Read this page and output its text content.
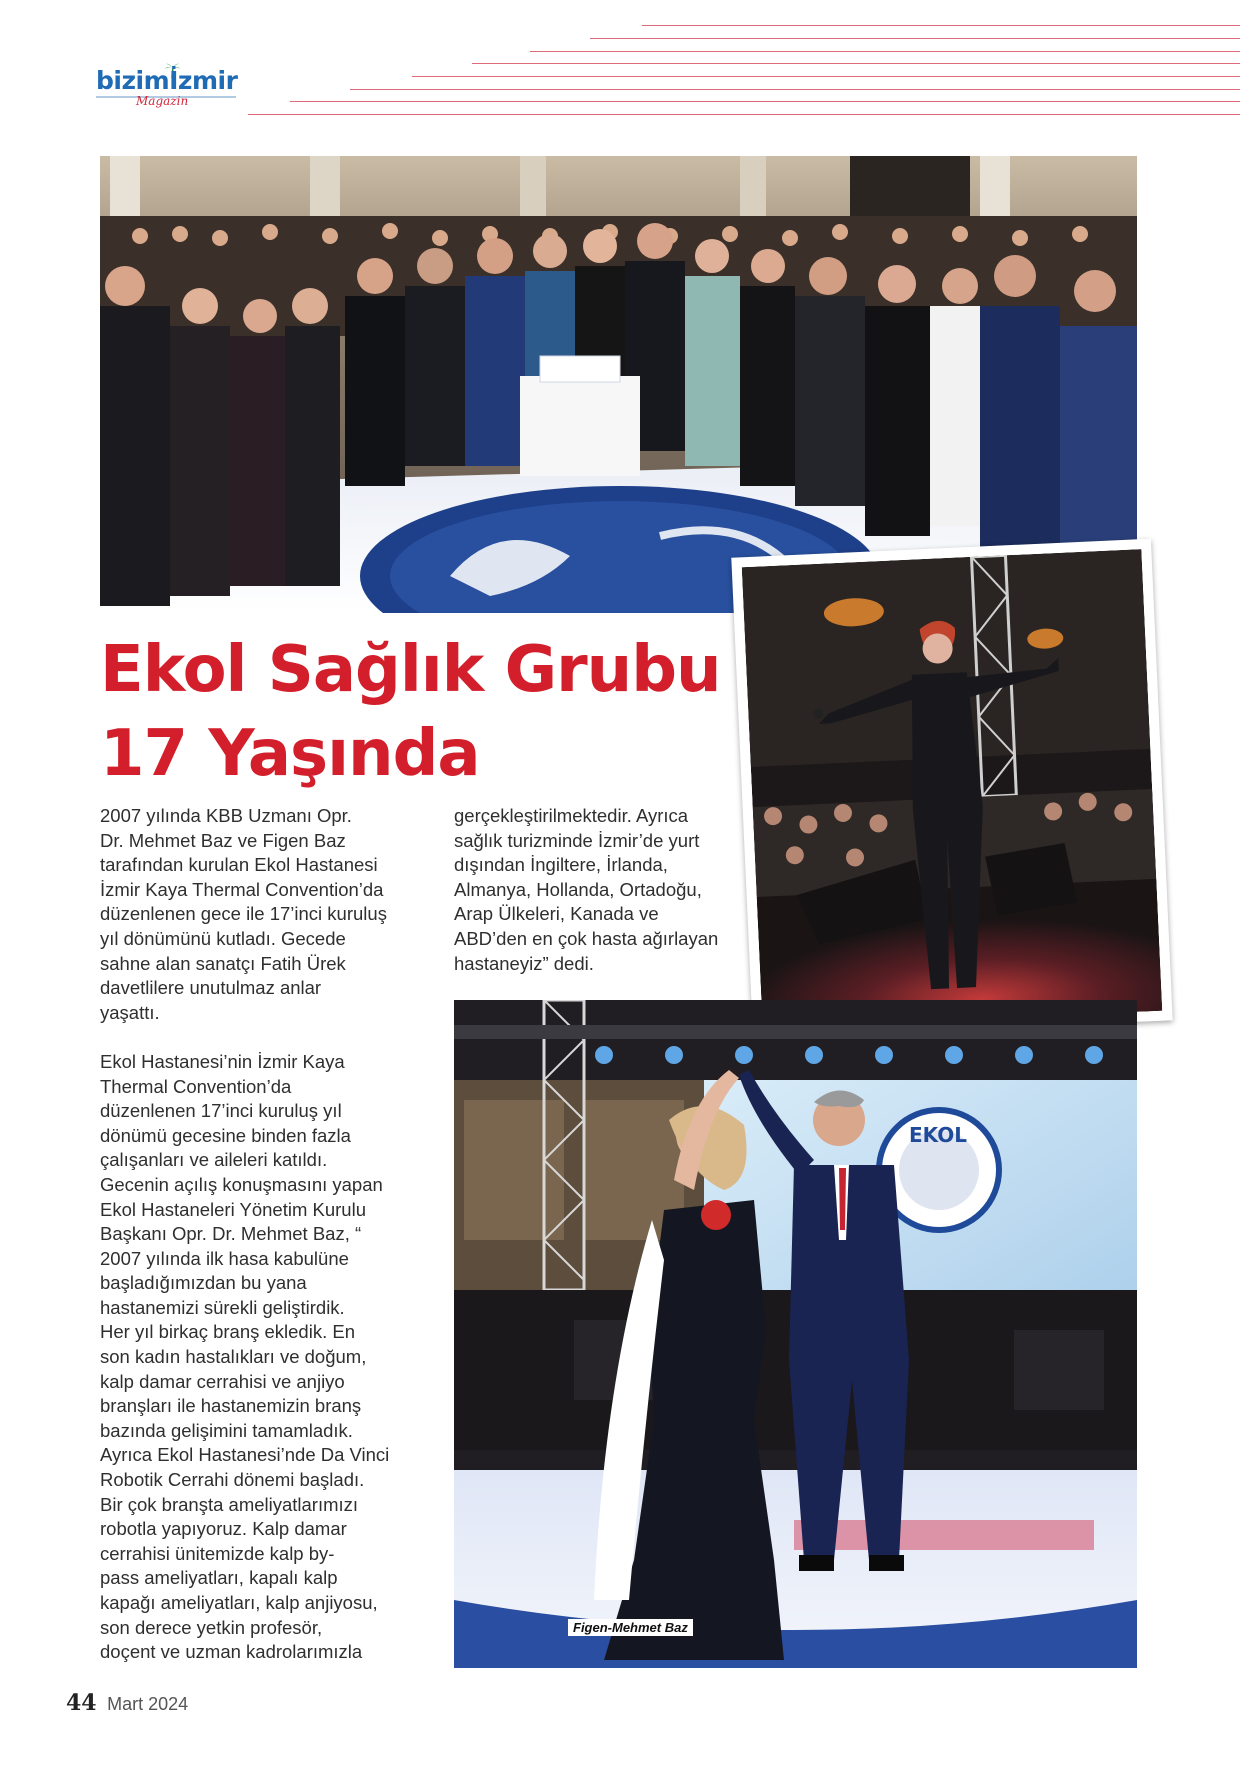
bizimİzmir
Magazin
Ekol Sağlık Grubu
17 Yaşında

2007 yılında KBB Uzmanı Opr.
Dr. Mehmet Baz ve Figen Baz
tarafından kurulan Ekol Hastanesi
İzmir Kaya Thermal Convention’da
düzenlenen gece ile 17’inci kuruluş
yıl dönümünü kutladı. Gecede
sahne alan sanatçı Fatih Ürek
davetlilere unutulmaz anlar
yaşattı.

Ekol Hastanesi’nin İzmir Kaya
Thermal Convention’da
düzenlenen 17’inci kuruluş yıl
dönümü gecesine binden fazla
çalışanları ve aileleri katıldı.
Gecenin açılış konuşmasını yapan
Ekol Hastaneleri Yönetim Kurulu
Başkanı Opr. Dr. Mehmet Baz, “
2007 yılında ilk hasa kabulüne
başladığımızdan bu yana
hastanemizi sürekli geliştirdik.
Her yıl birkaç branş ekledik. En
son kadın hastalıkları ve doğum,
kalp damar cerrahisi ve anjiyo
branşları ile hastanemizin branş
bazında gelişimini tamamladık.
Ayrıca Ekol Hastanesi’nde Da Vinci
Robotik Cerrahi dönemi başladı.
Bir çok branşta ameliyatlarımızı
robotla yapıyoruz. Kalp damar
cerrahisi ünitemizde kalp by-
pass ameliyatları, kapalı kalp
kapağı ameliyatları, kalp anjiyosu,
son derece yetkin profesör,
doçent ve uzman kadrolarımızla

gerçekleştirilmektedir. Ayrıca
sağlık turizminde İzmir’de yurt
dışından İngiltere, İrlanda,
Almanya, Hollanda, Ortadoğu,
Arap Ülkeleri, Kanada ve
ABD’den en çok hasta ağırlayan
hastaneyiz” dedi.

EKOL
Figen-Mehmet Baz
44 Mart 2024
